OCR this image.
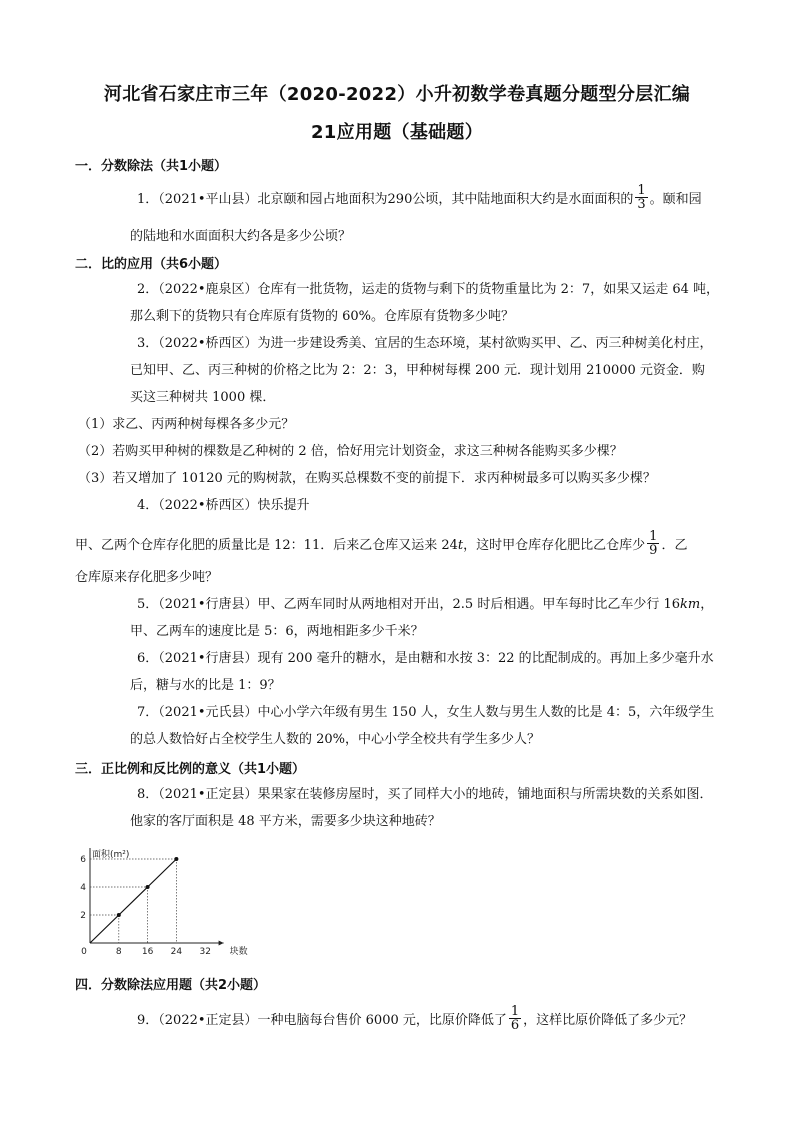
河北省石家庄市三年（2020-2022）小升初数学卷真题分题型分层汇编
21应用题（基础题）
一．分数除法（共1小题）
1．（2021•平山县）北京颐和园占地面积为290公顷，其中陆地面积大约是水面面积的 $\frac{1}{3}$ 。颐和园
的陆地和水面面积大约各是多少公顷？
二．比的应用（共6小题）
2．（2022•鹿泉区）仓库有一批货物，运走的货物与剩下的货物重量比为 2：7，如果又运走 64 吨，
那么剩下的货物只有仓库原有货物的 60%。仓库原有货物多少吨？
3．（2022•桥西区）为进一步建设秀美、宜居的生态环境，某村欲购买甲、乙、丙三种树美化村庄，
已知甲、乙、丙三种树的价格之比为 2：2：3，甲种树每棵 200 元．现计划用 210000 元资金．购
买这三种树共 1000 棵．
（1）求乙、丙两种树每棵各多少元？
（2）若购买甲种树的棵数是乙种树的 2 倍，恰好用完计划资金，求这三种树各能购买多少棵？
（3）若又增加了 10120 元的购树款，在购买总棵数不变的前提下．求丙种树最多可以购买多少棵？
4．（2022•桥西区）快乐提升
甲、乙两个仓库存化肥的质量比是 12：11．后来乙仓库又运来 24t，这时甲仓库存化肥比乙仓库少 $\frac{1}{9}$ ．乙
仓库原来存化肥多少吨？
5．（2021•行唐县）甲、乙两车同时从两地相对开出，2.5 时后相遇。甲车每时比乙车少行 16km，
甲、乙两车的速度比是 5：6，两地相距多少千米？
6．（2021•行唐县）现有 200 毫升的糖水，是由糖和水按 3：22 的比配制成的。再加上多少毫升水
后，糖与水的比是 1：9？
7．（2021•元氏县）中心小学六年级有男生 150 人，女生人数与男生人数的比是 4：5，六年级学生
的总人数恰好占全校学生人数的 20%，中心小学全校共有学生多少人？
三．正比例和反比例的意义（共1小题）
8．（2021•正定县）果果家在装修房屋时，买了同样大小的地砖，铺地面积与所需块数的关系如图．
他家的客厅面积是 48 平方米，需要多少块这种地砖？
0	8 16 24 32
2
4
6 面积(m²)
块数
四．分数除法应用题（共2小题）
9．（2022•正定县）一种电脑每台售价 6000 元，比原价降低了 $\frac{1}{6}$ ，这样比原价降低了多少元？
